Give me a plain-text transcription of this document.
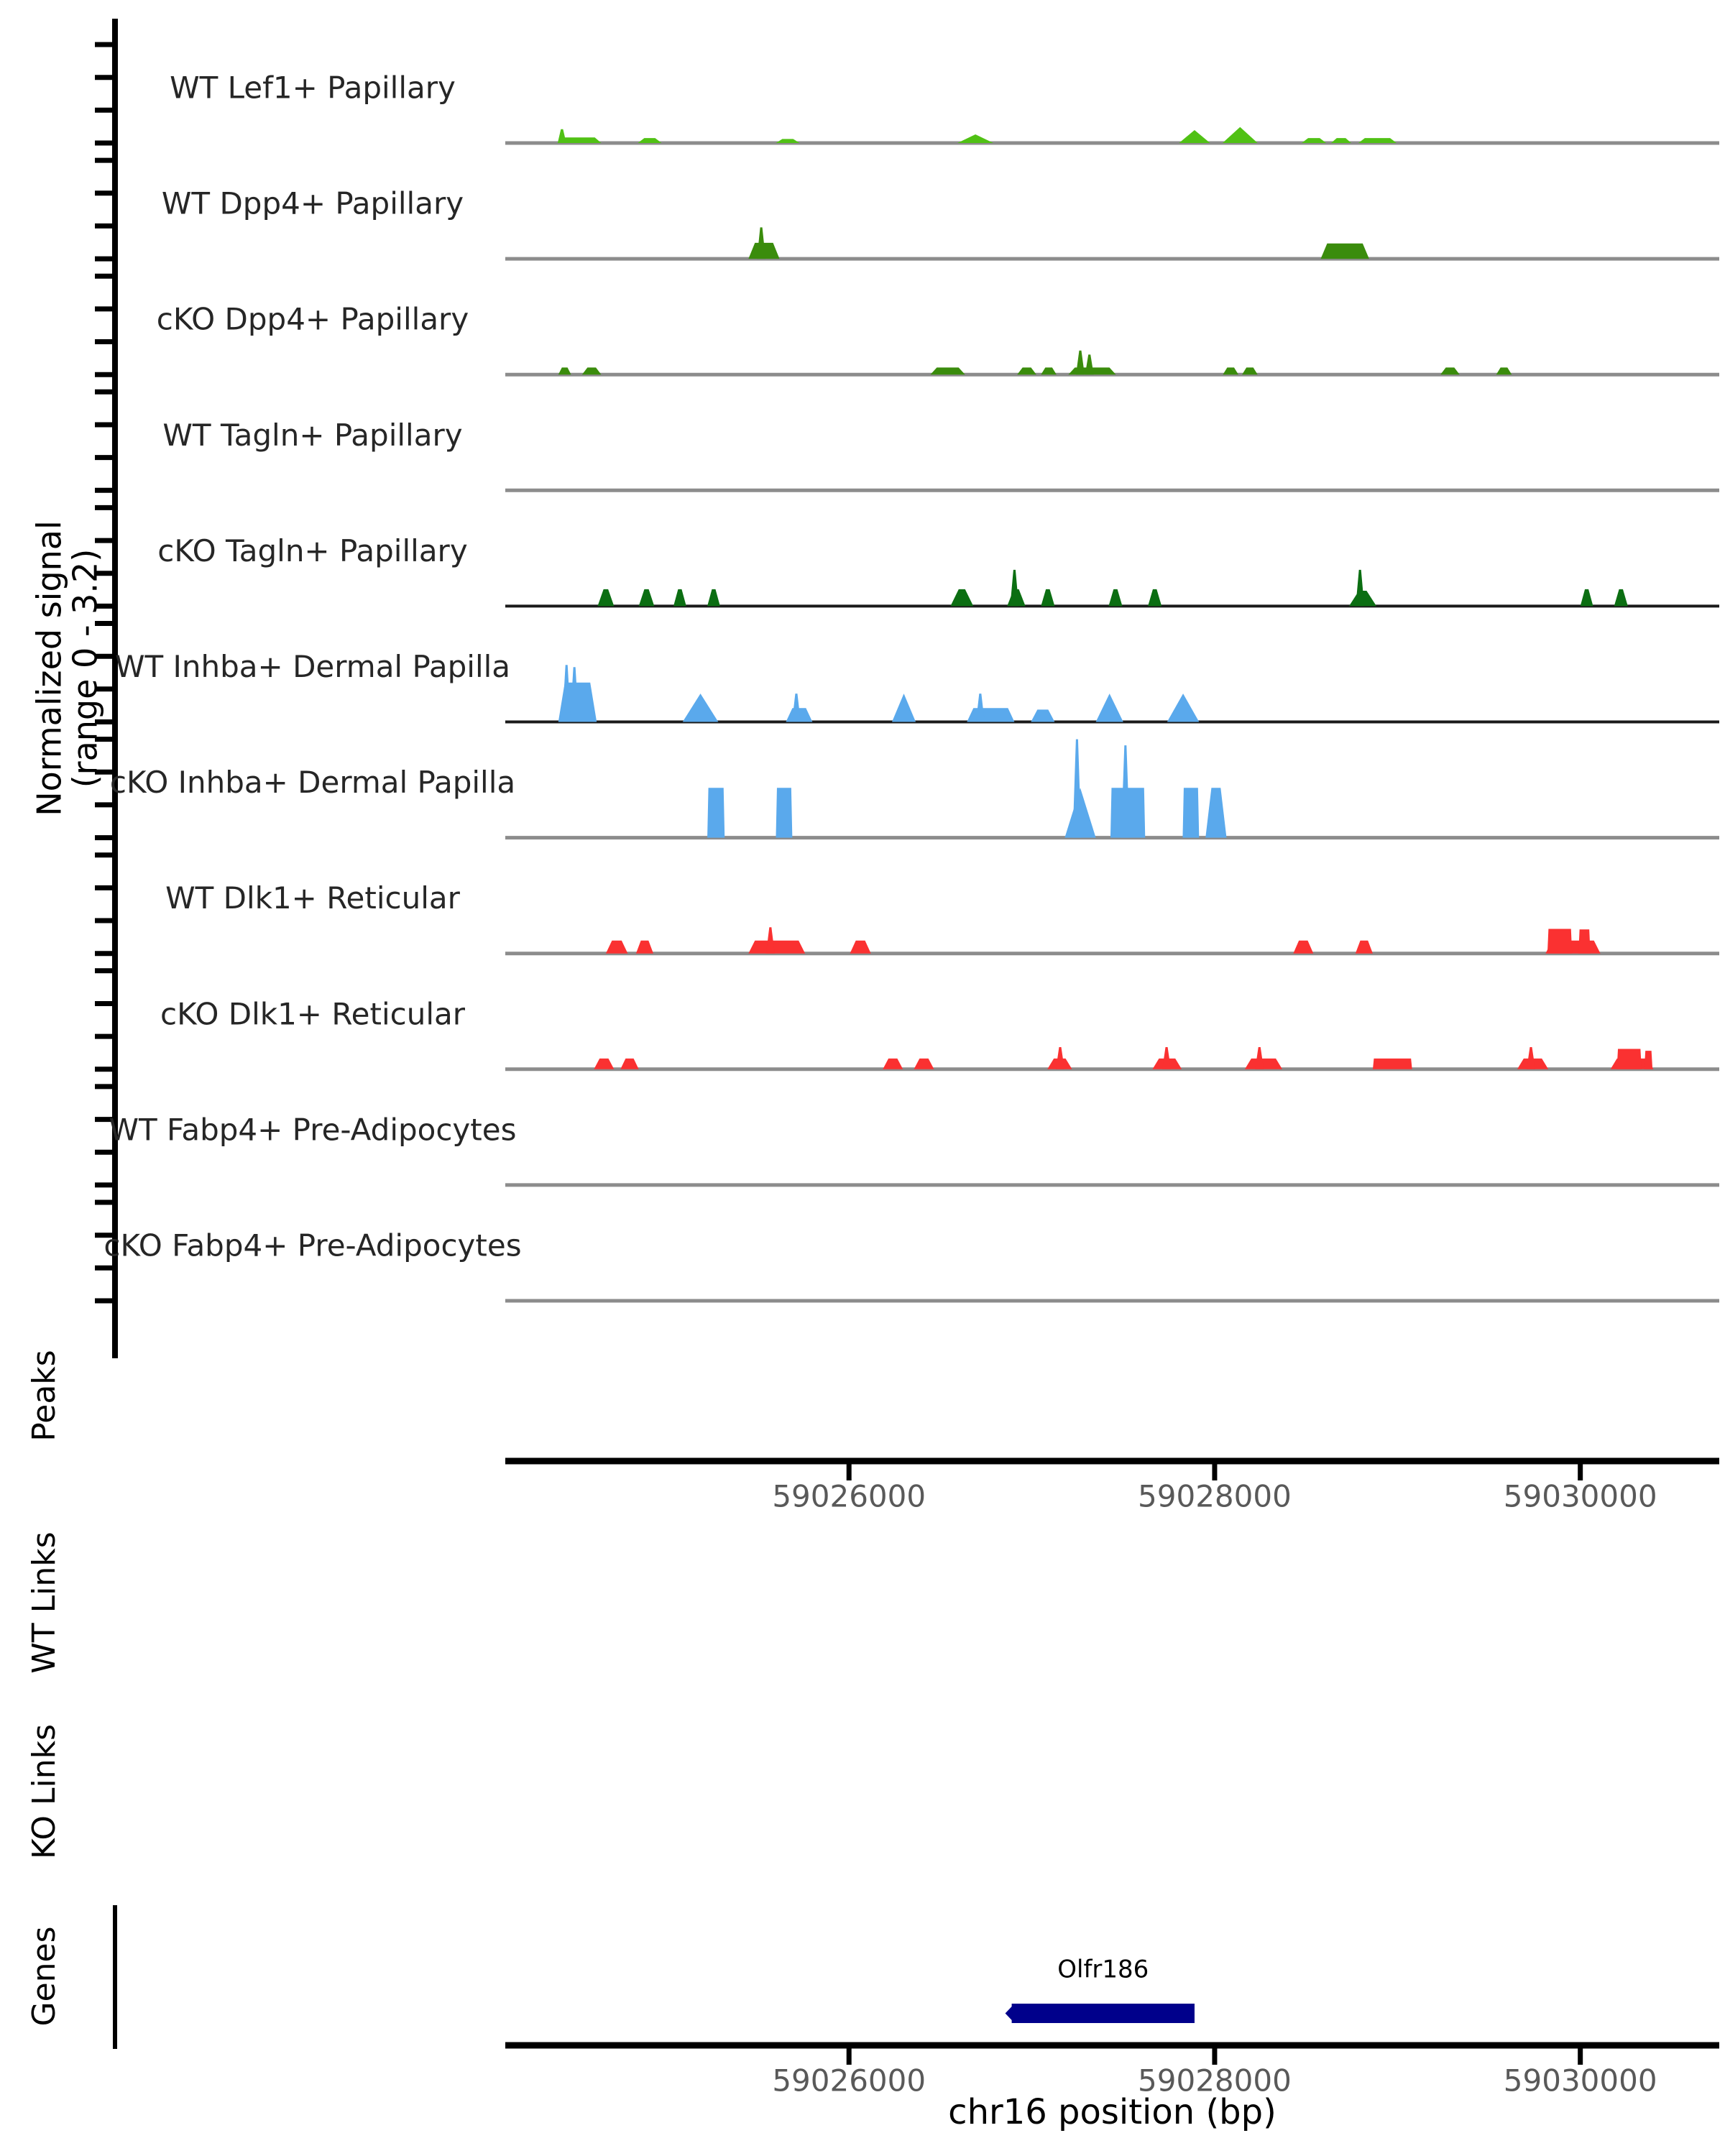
Normalized signal
(range 0 - 3.2)
WT Lef1+ Papillary
WT Dpp4+ Papillary
cKO Dpp4+ Papillary
WT Tagln+ Papillary
cKO Tagln+ Papillary
WT Inhba+ Dermal Papilla
cKO Inhba+ Dermal Papilla
WT Dlk1+ Reticular
cKO Dlk1+ Reticular
WT Fabp4+ Pre-Adipocytes
cKO Fabp4+ Pre-Adipocytes
Peaks
WT Links
KO Links
Genes
59026000	59028000	59030000
Olfr186
59026000	59028000	59030000
chr16 position (bp)
